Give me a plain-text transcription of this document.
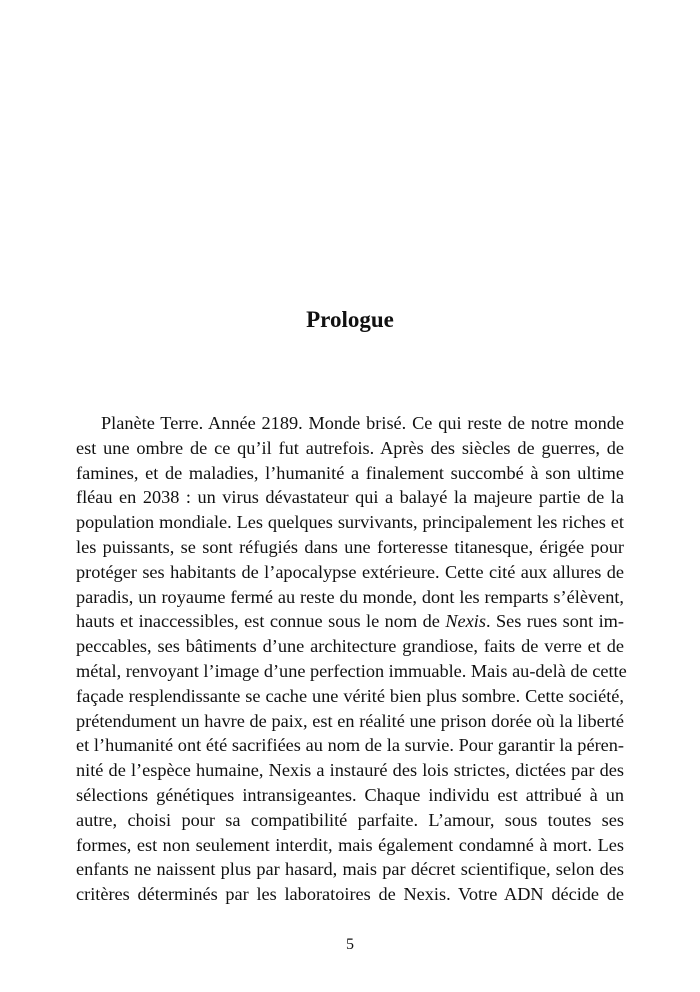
Prologue
Planète Terre. Année 2189. Monde brisé. Ce qui reste de notre monde
est une ombre de ce qu’il fut autrefois. Après des siècles de guerres, de
famines, et de maladies, l’humanité a finalement succombé à son ultime
fléau en 2038 : un virus dévastateur qui a balayé la majeure partie de la
population mondiale. Les quelques survivants, principalement les riches et
les puissants, se sont réfugiés dans une forteresse titanesque, érigée pour
protéger ses habitants de l’apocalypse extérieure. Cette cité aux allures de
paradis, un royaume fermé au reste du monde, dont les remparts s’élèvent,
hauts et inaccessibles, est connue sous le nom de Nexis. Ses rues sont im-
peccables, ses bâtiments d’une architecture grandiose, faits de verre et de
métal, renvoyant l’image d’une perfection immuable. Mais au-delà de cette
façade resplendissante se cache une vérité bien plus sombre. Cette société,
prétendument un havre de paix, est en réalité une prison dorée où la liberté
et l’humanité ont été sacrifiées au nom de la survie. Pour garantir la péren-
nité de l’espèce humaine, Nexis a instauré des lois strictes, dictées par des
sélections génétiques intransigeantes. Chaque individu est attribué à un
autre, choisi pour sa compatibilité parfaite. L’amour, sous toutes ses
formes, est non seulement interdit, mais également condamné à mort. Les
enfants ne naissent plus par hasard, mais par décret scientifique, selon des
critères déterminés par les laboratoires de Nexis. Votre ADN décide de
5
